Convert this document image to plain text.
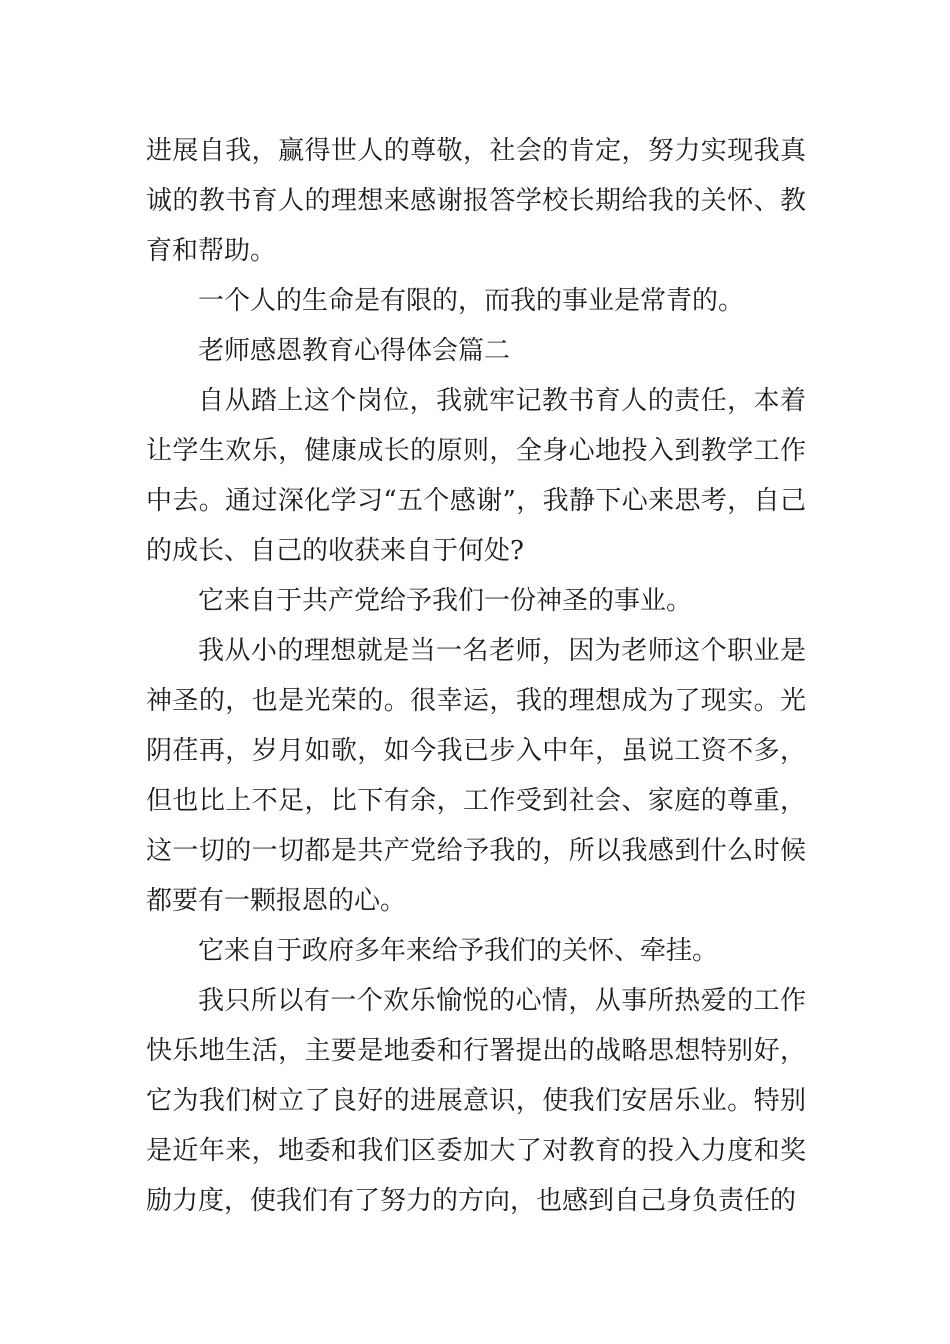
进展自我，赢得世人的尊敬，社会的肯定，努力实现我真诚的教书育人的理想来感谢报答学校长期给我的关怀、教育和帮助。

一个人的生命是有限的，而我的事业是常青的。

老师感恩教育心得体会篇二

自从踏上这个岗位，我就牢记教书育人的责任，本着让学生欢乐，健康成长的原则，全身心地投入到教学工作中去。通过深化学习“五个感谢”，我静下心来思考，自己的成长、自己的收获来自于何处?

它来自于共产党给予我们一份神圣的事业。

我从小的理想就是当一名老师，因为老师这个职业是神圣的，也是光荣的。很幸运，我的理想成为了现实。光阴荏再，岁月如歌，如今我已步入中年，虽说工资不多，但也比上不足，比下有余，工作受到社会、家庭的尊重，这一切的一切都是共产党给予我的，所以我感到什么时候都要有一颗报恩的心。

它来自于政府多年来给予我们的关怀、牵挂。

我只所以有一个欢乐愉悦的心情，从事所热爱的工作快乐地生活，主要是地委和行署提出的战略思想特别好，它为我们树立了良好的进展意识，使我们安居乐业。特别是近年来，地委和我们区委加大了对教育的投入力度和奖励力度，使我们有了努力的方向，也感到自己身负责任的
